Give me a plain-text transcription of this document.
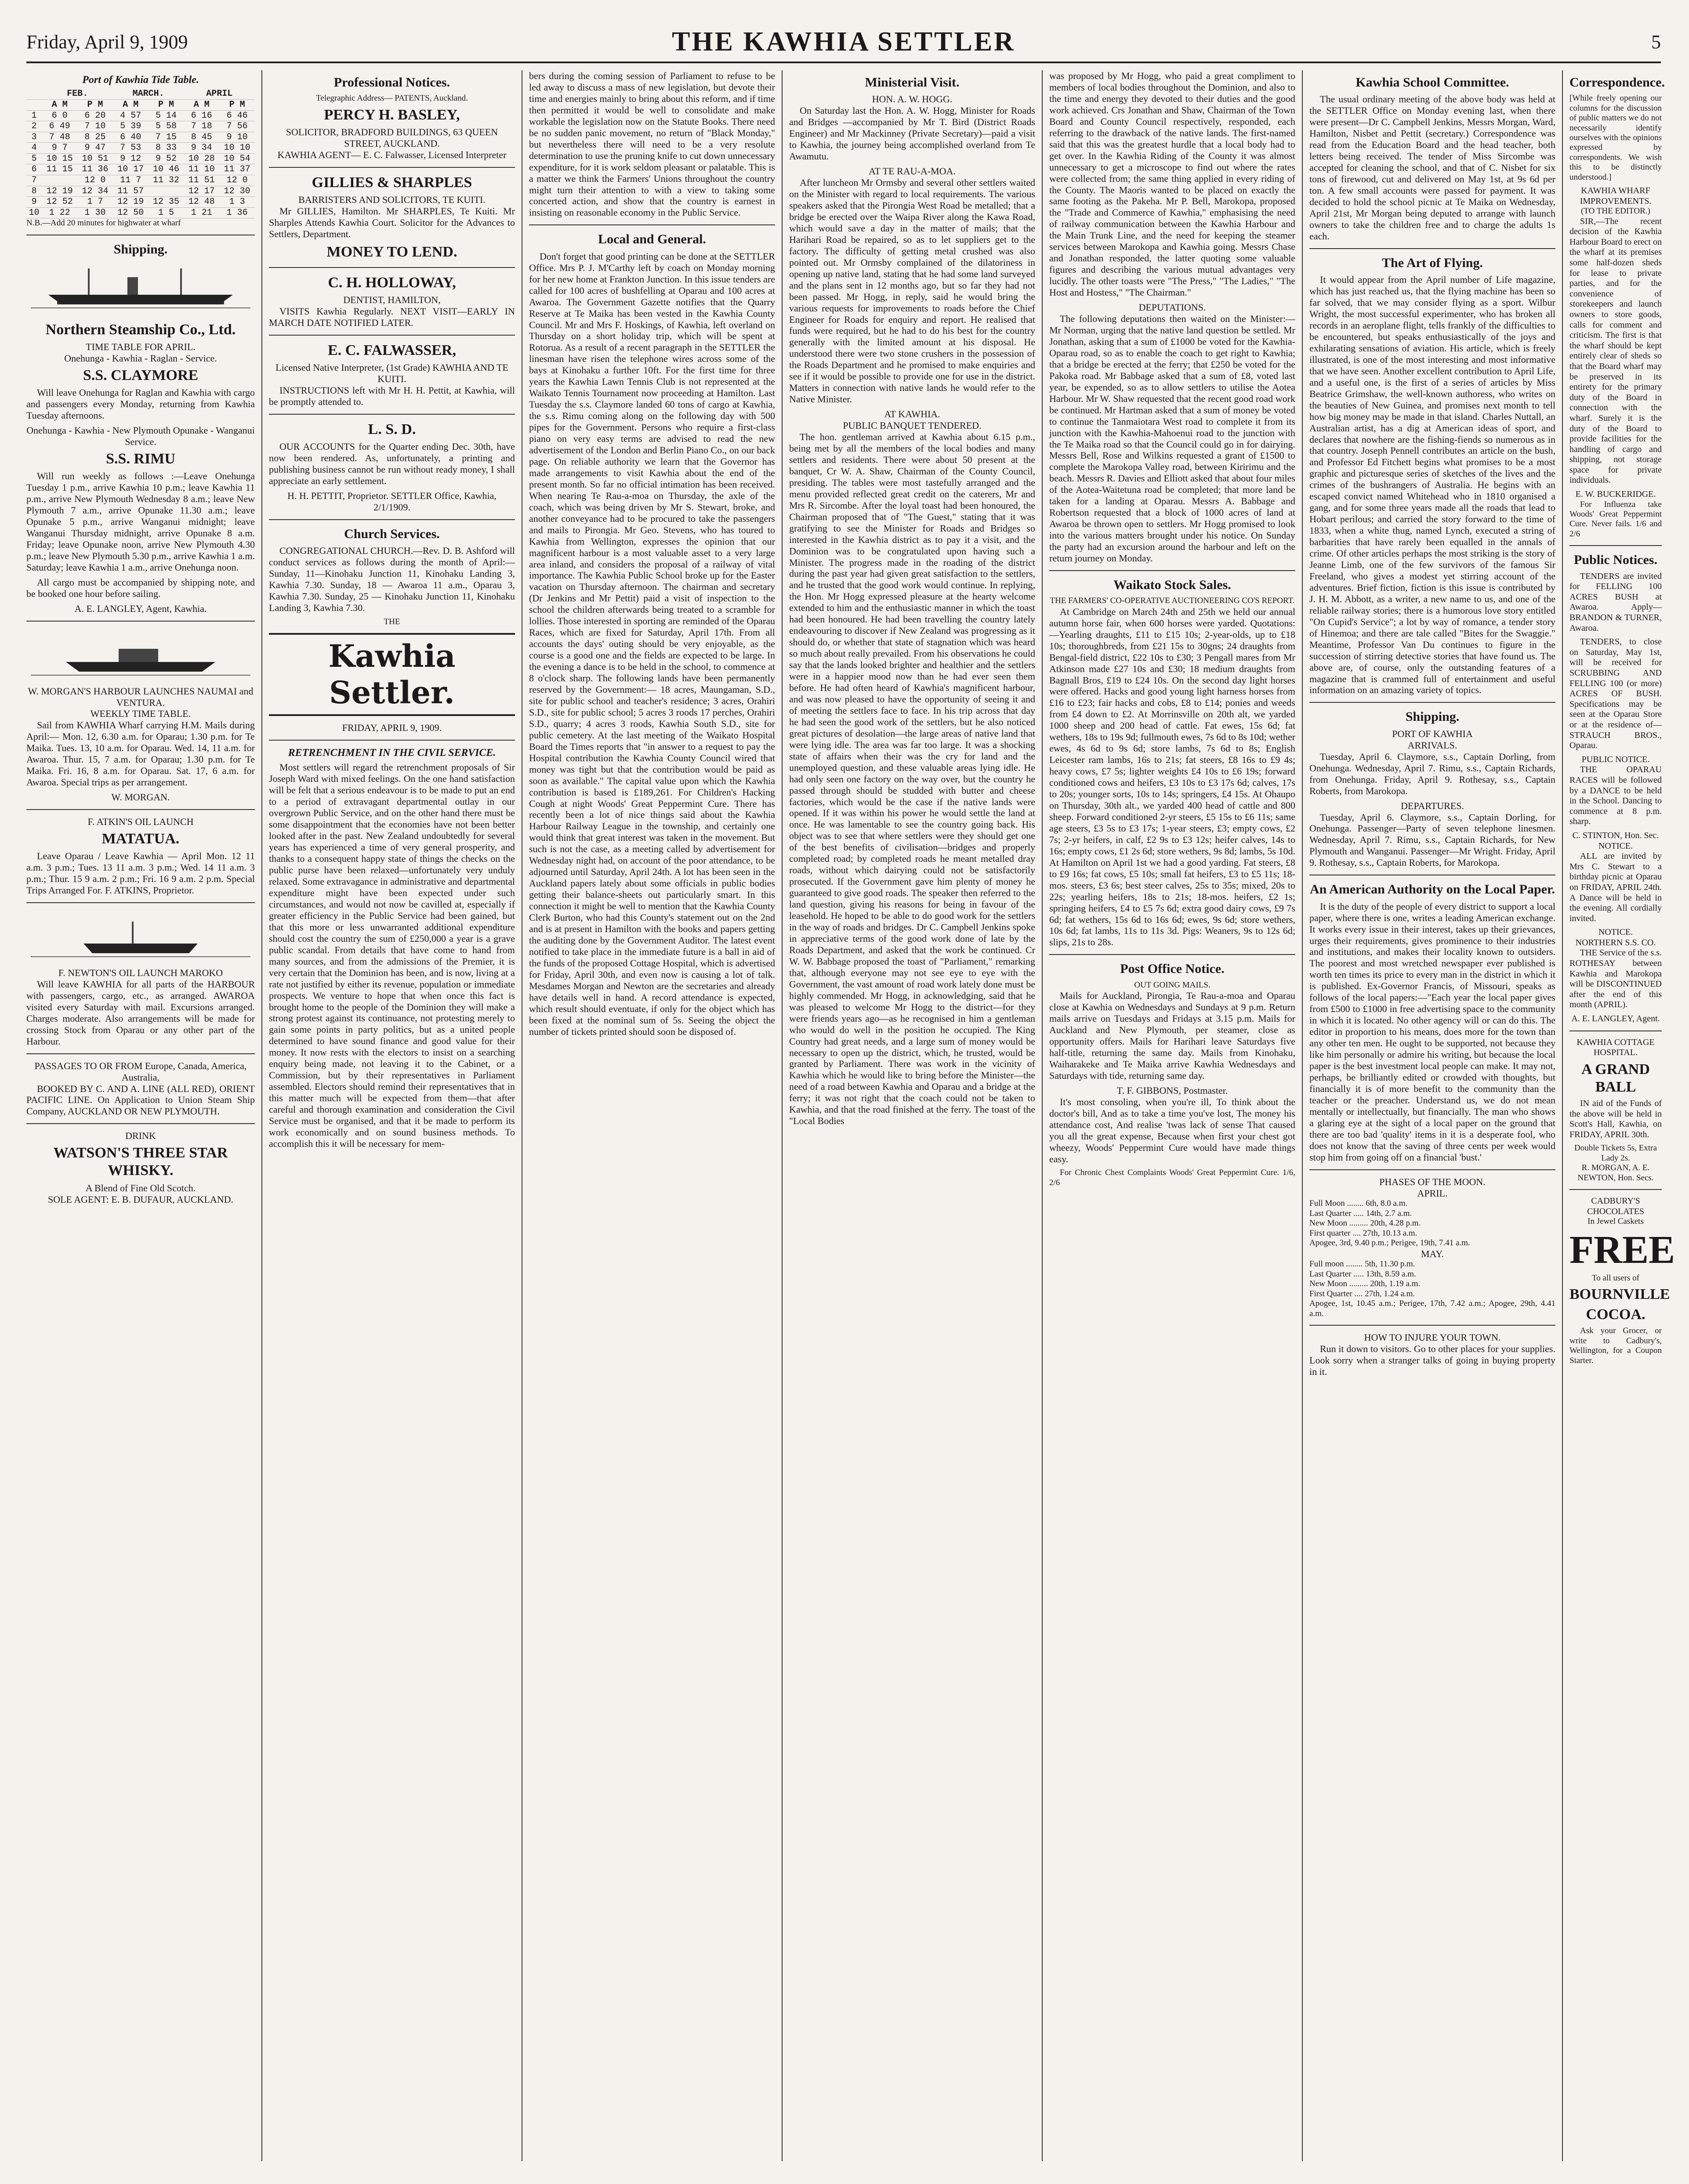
Friday, April 9, 1909	THE KAWHIA SETTLER	5
Port of Kawhia Tide Table.
	FEB.		MARCH.		APRIL	
	A M	P M	A M	P M	A M	P M
1	6 0	6 20	4 57	5 14	6 16	6 46
2	6 49	7 10	5 39	5 58	7 18	7 56
3	7 48	8 25	6 40	7 15	8 45	9 10
4	9 7	9 47	7 53	8 33	9 34	10 10
5	10 15	10 51	9 12	9 52	10 28	10 54
6	11 15	11 36	10 17	10 46	11 10	11 37
7		12 0	11 7	11 32	11 51	12 0
8	12 19	12 34	11 57		12 17	12 30
9	12 52	1 7	12 19	12 35	12 48	1 3
10	1 22	1 30	12 50	1 5	1 21	1 36

N.B.—Add 20 minutes for highwater at wharf

Shipping.
Northern Steamship Co., Ltd.
TIME TABLE FOR APRIL.
Onehunga - Kawhia - Raglan - Service.
S.S. CLAYMORE

Will leave Onehunga for Raglan and Kawhia with cargo and passengers every Monday, returning from Kawhia Tuesday afternoons.

Onehunga - Kawhia - New Plymouth Opunake - Wanganui Service.
S.S. RIMU

Will run weekly as follows :—Leave Onehunga Tuesday 1 p.m., arrive Kawhia 10 p.m.; leave Kawhia 11 p.m., arrive New Plymouth Wednesday 8 a.m.; leave New Plymouth 7 a.m., arrive Opunake 11.30 a.m.; leave Opunake 5 p.m., arrive Wanganui midnight; leave Wanganui Thursday midnight, arrive Opunake 8 a.m. Friday; leave Opunake noon, arrive New Plymouth 4.30 p.m.; leave New Plymouth 5.30 p.m., arrive Kawhia 1 a.m. Saturday; leave Kawhia 1 a.m., arrive Onehunga noon.

All cargo must be accompanied by shipping note, and be booked one hour before sailing.

A. E. LANGLEY, Agent, Kawhia.
W. MORGAN'S HARBOUR LAUNCHES NAUMAI and VENTURA.
WEEKLY TIME TABLE.

Sail from KAWHIA Wharf carrying H.M. Mails during April:— Mon. 12, 6.30 a.m. for Oparau; 1.30 p.m. for Te Maika. Tues. 13, 10 a.m. for Oparau. Wed. 14, 11 a.m. for Awaroa. Thur. 15, 7 a.m. for Oparau; 1.30 p.m. for Te Maika. Fri. 16, 8 a.m. for Oparau. Sat. 17, 6 a.m. for Awaroa. Special trips as per arrangement.

W. MORGAN.
F. ATKIN'S OIL LAUNCH
MATATUA.

Leave Oparau / Leave Kawhia — April Mon. 12 11 a.m. 3 p.m.; Tues. 13 11 a.m. 3 p.m.; Wed. 14 11 a.m. 3 p.m.; Thur. 15 9 a.m. 2 p.m.; Fri. 16 9 a.m. 2 p.m. Special Trips Arranged For. F. ATKINS, Proprietor.

F. NEWTON'S OIL LAUNCH MAROKO

Will leave KAWHIA for all parts of the HARBOUR with passengers, cargo, etc., as arranged. AWAROA visited every Saturday with mail. Excursions arranged. Charges moderate. Also arrangements will be made for crossing Stock from Oparau or any other part of the Harbour.

PASSAGES TO OR FROM Europe, Canada, America, Australia,

BOOKED BY C. AND A. LINE (ALL RED), ORIENT PACIFIC LINE. On Application to Union Steam Ship Company, AUCKLAND OR NEW PLYMOUTH.

DRINK
WATSON'S THREE STAR WHISKY.
A Blend of Fine Old Scotch.
SOLE AGENT: E. B. DUFAUR, AUCKLAND.
Professional Notices.
Telegraphic Address— PATENTS, Auckland.
PERCY H. BASLEY,
SOLICITOR, BRADFORD BUILDINGS, 63 QUEEN STREET, AUCKLAND.
KAWHIA AGENT— E. C. Falwasser, Licensed Interpreter
GILLIES & SHARPLES
BARRISTERS AND SOLICITORS, TE KUITI.

Mr GILLIES, Hamilton. Mr SHARPLES, Te Kuiti. Mr Sharples Attends Kawhia Court. Solicitor for the Advances to Settlers, Department.

MONEY TO LEND.
C. H. HOLLOWAY,
DENTIST, HAMILTON,

VISITS Kawhia Regularly. NEXT VISIT—EARLY IN MARCH DATE NOTIFIED LATER.

E. C. FALWASSER,
Licensed Native Interpreter, (1st Grade) KAWHIA AND TE KUITI.

INSTRUCTIONS left with Mr H. H. Pettit, at Kawhia, will be promptly attended to.

L. S. D.

OUR ACCOUNTS for the Quarter ending Dec. 30th, have now been rendered. As, unfortunately, a printing and publishing business cannot be run without ready money, I shall appreciate an early settlement.

H. H. PETTIT, Proprietor. SETTLER Office, Kawhia, 2/1/1909.
Church Services.

CONGREGATIONAL CHURCH.—Rev. D. B. Ashford will conduct services as follows during the month of April:— Sunday, 11—Kinohaku Junction 11, Kinohaku Landing 3, Kawhia 7.30. Sunday, 18 — Awaroa 11 a.m., Oparau 3, Kawhia 7.30. Sunday, 25 — Kinohaku Junction 11, Kinohaku Landing 3, Kawhia 7.30.

THE
Kawhia Settler.
FRIDAY, APRIL 9, 1909.
RETRENCHMENT IN THE CIVIL SERVICE.

Most settlers will regard the retrenchment proposals of Sir Joseph Ward with mixed feelings. On the one hand satisfaction will be felt that a serious endeavour is to be made to put an end to a period of extravagant departmental outlay in our overgrown Public Service, and on the other hand there must be some disappointment that the economies have not been better looked after in the past. New Zealand undoubtedly for several years has experienced a time of very general prosperity, and thanks to a consequent happy state of things the checks on the public purse have been relaxed—unfortunately very unduly relaxed. Some extravagance in administrative and departmental expenditure might have been expected under such circumstances, and would not now be cavilled at, especially if greater efficiency in the Public Service had been gained, but that this more or less unwarranted additional expenditure should cost the country the sum of £250,000 a year is a grave public scandal. From details that have come to hand from many sources, and from the admissions of the Premier, it is very certain that the Dominion has been, and is now, living at a rate not justified by either its revenue, population or immediate prospects. We venture to hope that when once this fact is brought home to the people of the Dominion they will make a strong protest against its continuance, not protesting merely to gain some points in party politics, but as a united people determined to have sound finance and good value for their money. It now rests with the electors to insist on a searching enquiry being made, not leaving it to the Cabinet, or a Commission, but by their representatives in Parliament assembled. Electors should remind their representatives that in this matter much will be expected from them—that after careful and thorough examination and consideration the Civil Service must be organised, and that it be made to perform its work economically and on sound business methods. To accomplish this it will be necessary for mem-

bers during the coming session of Parliament to refuse to be led away to discuss a mass of new legislation, but devote their time and energies mainly to bring about this reform, and if time then permitted it would be well to consolidate and make workable the legislation now on the Statute Books. There need be no sudden panic movement, no return of "Black Monday," but nevertheless there will need to be a very resolute determination to use the pruning knife to cut down unnecessary expenditure, for it is work seldom pleasant or palatable. This is a matter we think the Farmers' Unions throughout the country might turn their attention to with a view to taking some concerted action, and show that the country is earnest in insisting on reasonable economy in the Public Service.

Local and General.

Don't forget that good printing can be done at the SETTLER Office. Mrs P. J. M'Carthy left by coach on Monday morning for her new home at Frankton Junction. In this issue tenders are called for 100 acres of bushfelling at Oparau and 100 acres at Awaroa. The Government Gazette notifies that the Quarry Reserve at Te Maika has been vested in the Kawhia County Council. Mr and Mrs F. Hoskings, of Kawhia, left overland on Thursday on a short holiday trip, which will be spent at Rotorua. As a result of a recent paragraph in the SETTLER the linesman have risen the telephone wires across some of the bays at Kinohaku a further 10ft. For the first time for three years the Kawhia Lawn Tennis Club is not represented at the Waikato Tennis Tournament now proceeding at Hamilton. Last Tuesday the s.s. Claymore landed 60 tons of cargo at Kawhia, the s.s. Rimu coming along on the following day with 500 pipes for the Government. Persons who require a first-class piano on very easy terms are advised to read the new advertisement of the London and Berlin Piano Co., on our back page. On reliable authority we learn that the Governor has made arrangements to visit Kawhia about the end of the present month. So far no official intimation has been received. When nearing Te Rau-a-moa on Thursday, the axle of the coach, which was being driven by Mr S. Stewart, broke, and another conveyance had to be procured to take the passengers and mails to Pirongia. Mr Geo. Stevens, who has toured to Kawhia from Wellington, expresses the opinion that our magnificent harbour is a most valuable asset to a very large area inland, and considers the proposal of a railway of vital importance. The Kawhia Public School broke up for the Easter vacation on Thursday afternoon. The chairman and secretary (Dr Jenkins and Mr Pettit) paid a visit of inspection to the school the children afterwards being treated to a scramble for lollies. Those interested in sporting are reminded of the Oparau Races, which are fixed for Saturday, April 17th. From all accounts the days' outing should be very enjoyable, as the course is a good one and the fields are expected to be large. In the evening a dance is to be held in the school, to commence at 8 o'clock sharp. The following lands have been permanently reserved by the Government:— 18 acres, Maungaman, S.D., site for public school and teacher's residence; 3 acres, Orahiri S.D., site for public school; 5 acres 3 roods 17 perches, Orahiri S.D., quarry; 4 acres 3 roods, Kawhia South S.D., site for public cemetery. At the last meeting of the Waikato Hospital Board the Times reports that "in answer to a request to pay the Hospital contribution the Kawhia County Council wired that money was tight but that the contribution would be paid as soon as available." The capital value upon which the Kawhia contribution is based is £189,261. For Children's Hacking Cough at night Woods' Great Peppermint Cure. There has recently been a lot of nice things said about the Kawhia Harbour Railway League in the township, and certainly one would think that great interest was taken in the movement. But such is not the case, as a meeting called by advertisement for Wednesday night had, on account of the poor attendance, to be adjourned until Saturday, April 24th. A lot has been seen in the Auckland papers lately about some officials in public bodies getting their balance-sheets out particularly smart. In this connection it might be well to mention that the Kawhia County Clerk Burton, who had this County's statement out on the 2nd and is at present in Hamilton with the books and papers getting the auditing done by the Government Auditor. The latest event notified to take place in the immediate future is a ball in aid of the funds of the proposed Cottage Hospital, which is advertised for Friday, April 30th, and even now is causing a lot of talk. Mesdames Morgan and Newton are the secretaries and already have details well in hand. A record attendance is expected, which result should eventuate, if only for the object which has been fixed at the nominal sum of 5s. Seeing the object the number of tickets printed should soon be disposed of.

Ministerial Visit.
HON. A. W. HOGG.

On Saturday last the Hon. A. W. Hogg, Minister for Roads and Bridges —accompanied by Mr T. Bird (District Roads Engineer) and Mr Mackinney (Private Secretary)—paid a visit to Kawhia, the journey being accomplished overland from Te Awamutu.

AT TE RAU-A-MOA.

After luncheon Mr Ormsby and several other settlers waited on the Minister with regard to local requirements. The various speakers asked that the Pirongia West Road be metalled; that a bridge be erected over the Waipa River along the Kawa Road, which would save a day in the matter of mails; that the Harihari Road be repaired, so as to let suppliers get to the factory. The difficulty of getting metal crushed was also pointed out. Mr Ormsby complained of the dilatoriness in opening up native land, stating that he had some land surveyed and the plans sent in 12 months ago, but so far they had not been passed. Mr Hogg, in reply, said he would bring the various requests for improvements to roads before the Chief Engineer for Roads for enquiry and report. He realised that funds were required, but he had to do his best for the country generally with the limited amount at his disposal. He understood there were two stone crushers in the possession of the Roads Department and he promised to make enquiries and see if it would be possible to provide one for use in the district. Matters in connection with native lands he would refer to the Native Minister.

AT KAWHIA.
PUBLIC BANQUET TENDERED.

The hon. gentleman arrived at Kawhia about 6.15 p.m., being met by all the members of the local bodies and many settlers and residents. There were about 50 present at the banquet, Cr W. A. Shaw, Chairman of the County Council, presiding. The tables were most tastefully arranged and the menu provided reflected great credit on the caterers, Mr and Mrs R. Sircombe. After the loyal toast had been honoured, the Chairman proposed that of "The Guest," stating that it was gratifying to see the Minister for Roads and Bridges so interested in the Kawhia district as to pay it a visit, and the Dominion was to be congratulated upon having such a Minister. The progress made in the roading of the district during the past year had given great satisfaction to the settlers, and he trusted that the good work would continue. In replying, the Hon. Mr Hogg expressed pleasure at the hearty welcome extended to him and the enthusiastic manner in which the toast had been honoured. He had been travelling the country lately endeavouring to discover if New Zealand was progressing as it should do, or whether that state of stagnation which was heard so much about really prevailed. From his observations he could say that the lands looked brighter and healthier and the settlers were in a happier mood now than he had ever seen them before. He had often heard of Kawhia's magnificent harbour, and was now pleased to have the opportunity of seeing it and of meeting the settlers face to face. In his trip across that day he had seen the good work of the settlers, but he also noticed great pictures of desolation—the large areas of native land that were lying idle. The area was far too large. It was a shocking state of affairs when their was the cry for land and the unemployed question, and these valuable areas lying idle. He had only seen one factory on the way over, but the country he passed through should be studded with butter and cheese factories, which would be the case if the native lands were opened. If it was within his power he would settle the land at once. He was lamentable to see the country going back. His object was to see that where settlers were they should get one of the best benefits of civilisation—bridges and properly completed road; by completed roads he meant metalled dray roads, without which dairying could not be satisfactorily prosecuted. If the Government gave him plenty of money he guaranteed to give good roads. The speaker then referred to the land question, giving his reasons for being in favour of the leasehold. He hoped to be able to do good work for the settlers in the way of roads and bridges. Dr C. Campbell Jenkins spoke in appreciative terms of the good work done of late by the Roads Department, and asked that the work be continued. Cr W. W. Babbage proposed the toast of "Parliament," remarking that, although everyone may not see eye to eye with the Government, the vast amount of road work lately done must be highly commended. Mr Hogg, in acknowledging, said that he was pleased to welcome Mr Hogg to the district—for they were friends years ago—as he recognised in him a gentleman who would do well in the position he occupied. The King Country had great needs, and a large sum of money would be necessary to open up the district, which, he trusted, would be granted by Parliament. There was work in the vicinity of Kawhia which he would like to bring before the Minister—the need of a road between Kawhia and Oparau and a bridge at the ferry; it was not right that the coach could not be taken to Kawhia, and that the road finished at the ferry. The toast of the "Local Bodies

was proposed by Mr Hogg, who paid a great compliment to members of local bodies throughout the Dominion, and also to the time and energy they devoted to their duties and the good work achieved. Crs Jonathan and Shaw, Chairman of the Town Board and County Council respectively, responded, each referring to the drawback of the native lands. The first-named said that this was the greatest hurdle that a local body had to get over. In the Kawhia Riding of the County it was almost unnecessary to get a microscope to find out where the rates were collected from; the same thing applied in every riding of the County. The Maoris wanted to be placed on exactly the same footing as the Pakeha. Mr P. Bell, Marokopa, proposed the "Trade and Commerce of Kawhia," emphasising the need of railway communication between the Kawhia Harbour and the Main Trunk Line, and the need for keeping the steamer services between Marokopa and Kawhia going. Messrs Chase and Jonathan responded, the latter quoting some valuable figures and describing the various mutual advantages very lucidly. The other toasts were "The Press," "The Ladies," "The Host and Hostess," "The Chairman."

DEPUTATIONS.

The following deputations then waited on the Minister:— Mr Norman, urging that the native land question be settled. Mr Jonathan, asking that a sum of £1000 be voted for the Kawhia-Oparau road, so as to enable the coach to get right to Kawhia; that a bridge be erected at the ferry; that £250 be voted for the Pakoka road. Mr Babbage asked that a sum of £8, voted last year, be expended, so as to allow settlers to utilise the Aotea Harbour. Mr W. Shaw requested that the recent good road work be continued. Mr Hartman asked that a sum of money be voted to continue the Tanmaiotara West road to complete it from its junction with the Kawhia-Mahoenui road to the junction with the Te Maika road so that the Council could go in for dairying. Messrs Bell, Rose and Wilkins requested a grant of £1500 to complete the Marokopa Valley road, between Kiririmu and the beach. Messrs R. Davies and Elliott asked that about four miles of the Aotea-Waitetuna road be completed; that more land be taken for a landing at Oparau. Messrs A. Babbage and Robertson requested that a block of 1000 acres of land at Awaroa be thrown open to settlers. Mr Hogg promised to look into the various matters brought under his notice. On Sunday the party had an excursion around the harbour and left on the return journey on Monday.

Waikato Stock Sales.
THE FARMERS' CO-OPERATIVE AUCTIONEERING CO'S REPORT.

At Cambridge on March 24th and 25th we held our annual autumn horse fair, when 600 horses were yarded. Quotations:—Yearling draughts, £11 to £15 10s; 2-year-olds, up to £18 10s; thoroughbreds, from £21 15s to 30gns; 24 draughts from Bengal-field district, £22 10s to £30; 3 Pengall mares from Mr Atkinson made £27 10s and £30; 18 medium draughts from Bagnall Bros, £19 to £24 10s. On the second day light horses were offered. Hacks and good young light harness horses from £16 to £23; fair hacks and cobs, £8 to £14; ponies and weeds from £4 down to £2. At Morrinsville on 20th alt, we yarded 1000 sheep and 200 head of cattle. Fat ewes, 15s 6d; fat wethers, 18s to 19s 9d; fullmouth ewes, 7s 6d to 8s 10d; wether ewes, 4s 6d to 9s 6d; store lambs, 7s 6d to 8s; English Leicester ram lambs, 16s to 21s; fat steers, £8 16s to £9 4s; heavy cows, £7 5s; lighter weights £4 10s to £6 19s; forward conditioned cows and heifers, £3 10s to £3 17s 6d; calves, 17s to 20s; younger sorts, 10s to 14s; springers, £4 15s. At Ohaupo on Thursday, 30th alt., we yarded 400 head of cattle and 800 sheep. Forward conditioned 2-yr steers, £5 15s to £6 11s; same age steers, £3 5s to £3 17s; 1-year steers, £3; empty cows, £2 7s; 2-yr heifers, in calf, £2 9s to £3 12s; heifer calves, 14s to 16s; empty cows, £1 2s 6d; store wethers, 9s 8d; lambs, 5s 10d. At Hamilton on April 1st we had a good yarding. Fat steers, £8 to £9 16s; fat cows, £5 10s; small fat heifers, £3 to £5 11s; 18-mos. steers, £3 6s; best steer calves, 25s to 35s; mixed, 20s to 22s; yearling heifers, 18s to 21s; 18-mos. heifers, £2 1s; springing heifers, £4 to £5 7s 6d; extra good dairy cows, £9 7s 6d; fat wethers, 15s 6d to 16s 6d; ewes, 9s 6d; store wethers, 10s 6d; fat lambs, 11s to 11s 3d. Pigs: Weaners, 9s to 12s 6d; slips, 21s to 28s.

Post Office Notice.
OUT GOING MAILS.

Mails for Auckland, Pirongia, Te Rau-a-moa and Oparau close at Kawhia on Wednesdays and Sundays at 9 p.m. Return mails arrive on Tuesdays and Fridays at 3.15 p.m. Mails for Auckland and New Plymouth, per steamer, close as opportunity offers. Mails for Harihari leave Saturdays five half-title, returning the same day. Mails from Kinohaku, Waiharakeke and Te Maika arrive Kawhia Wednesdays and Saturdays with tide, returning same day.

T. F. GIBBONS, Postmaster.

It's most consoling, when you're ill, To think about the doctor's bill, And as to take a time you've lost, The money his attendance cost, And realise 'twas lack of sense That caused you all the great expense, Because when first your chest got wheezy, Woods' Peppermint Cure would have made things easy.

For Chronic Chest Complaints Woods' Great Peppermint Cure. 1/6, 2/6

Kawhia School Committee.

The usual ordinary meeting of the above body was held at the SETTLER Office on Monday evening last, when there were present—Dr C. Campbell Jenkins, Messrs Morgan, Ward, Hamilton, Nisbet and Pettit (secretary.) Correspondence was read from the Education Board and the head teacher, both letters being received. The tender of Miss Sircombe was accepted for cleaning the school, and that of C. Nisbet for six tons of firewood, cut and delivered on May 1st, at 9s 6d per ton. A few small accounts were passed for payment. It was decided to hold the school picnic at Te Maika on Wednesday, April 21st, Mr Morgan being deputed to arrange with launch owners to take the children free and to charge the adults 1s each.

The Art of Flying.

It would appear from the April number of Life magazine, which has just reached us, that the flying machine has been so far solved, that we may consider flying as a sport. Wilbur Wright, the most successful experimenter, who has broken all records in an aeroplane flight, tells frankly of the difficulties to be encountered, but speaks enthusiastically of the joys and exhilarating sensations of aviation. His article, which is freely illustrated, is one of the most interesting and most informative that we have seen. Another excellent contribution to April Life, and a useful one, is the first of a series of articles by Miss Beatrice Grimshaw, the well-known authoress, who writes on the beauties of New Guinea, and promises next month to tell how big money may be made in that island. Charles Nuttall, an Australian artist, has a dig at American ideas of sport, and declares that nowhere are the fishing-fiends so numerous as in that country. Joseph Pennell contributes an article on the bush, and Professor Ed Fitchett begins what promises to be a most graphic and picturesque series of sketches of the lives and the crimes of the bushrangers of Australia. He begins with an escaped convict named Whitehead who in 1810 organised a gang, and for some three years made all the roads that lead to Hobart perilous; and carried the story forward to the time of 1833, when a white thug, named Lynch, executed a string of barbarities that have rarely been equalled in the annals of crime. Of other articles perhaps the most striking is the story of Jeanne Limb, one of the few survivors of the famous Sir Freeland, who gives a modest yet stirring account of the adventures. Brief fiction, fiction is this issue is contributed by J. H. M. Abbott, as a writer, a new name to us, and one of the reliable railway stories; there is a humorous love story entitled "On Cupid's Service"; a lot by way of romance, a tender story of Hinemoa; and there are tale called "Bites for the Swaggie." Meantime, Professor Van Du continues to figure in the succession of stirring detective stories that have found us. The above are, of course, only the outstanding features of a magazine that is crammed full of entertainment and useful information on an amazing variety of topics.

Shipping.
PORT OF KAWHIA
ARRIVALS.

Tuesday, April 6. Claymore, s.s., Captain Dorling, from Onehunga. Wednesday, April 7. Rimu, s.s., Captain Richards, from Onehunga. Friday, April 9. Rothesay, s.s., Captain Roberts, from Marokopa.

DEPARTURES.

Tuesday, April 6. Claymore, s.s., Captain Dorling, for Onehunga. Passenger—Party of seven telephone linesmen. Wednesday, April 7. Rimu, s.s., Captain Richards, for New Plymouth and Wanganui. Passenger—Mr Wright. Friday, April 9. Rothesay, s.s., Captain Roberts, for Marokopa.

An American Authority on the Local Paper.

It is the duty of the people of every district to support a local paper, where there is one, writes a leading American exchange. It works every issue in their interest, takes up their grievances, urges their requirements, gives prominence to their industries and institutions, and makes their locality known to outsiders. The poorest and most wretched newspaper ever published is worth ten times its price to every man in the district in which it is published. Ex-Governor Francis, of Missouri, speaks as follows of the local papers:—"Each year the local paper gives from £500 to £1000 in free advertising space to the community in which it is located. No other agency will or can do this. The editor in proportion to his means, does more for the town than any other ten men. He ought to be supported, not because they like him personally or admire his writing, but because the local paper is the best investment local people can make. It may not, perhaps, be brilliantly edited or crowded with thoughts, but financially it is of more benefit to the community than the teacher or the preacher. Understand us, we do not mean mentally or intellectually, but financially. The man who shows a glaring eye at the sight of a local paper on the ground that there are too bad 'quality' items in it is a desperate fool, who does not know that the saving of three cents per week would stop him from going off on a financial 'bust.'

PHASES OF THE MOON.
APRIL.
Full Moon ........ 6th, 8.0 a.m.
Last Quarter ..... 14th, 2.7 a.m.
New Moon ......... 20th, 4.28 p.m.
First quarter .... 27th, 10.13 a.m.
Apogee, 3rd, 9.40 p.m.; Perigee, 19th, 7.41 a.m.
MAY.
Full moon ........ 5th, 11.30 p.m.
Last Quarter ..... 13th, 8.59 a.m.
New Moon ......... 20th, 1.19 a.m.
First Quarter .... 27th, 1.24 a.m.
Apogee, 1st, 10.45 a.m.; Perigee, 17th, 7.42 a.m.; Apogee, 29th, 4.41 a.m.
HOW TO INJURE YOUR TOWN.

Run it down to visitors. Go to other places for your supplies. Look sorry when a stranger talks of going in buying property in it.

Correspondence.

[While freely opening our columns for the discussion of public matters we do not necessarily identify ourselves with the opinions expressed by correspondents. We wish this to be distinctly understood.]

KAWHIA WHARF IMPROVEMENTS.
(TO THE EDITOR.)

SIR,—The recent decision of the Kawhia Harbour Board to erect on the wharf at its premises some half-dozen sheds for lease to private parties, and for the convenience of storekeepers and launch owners to store goods, calls for comment and criticism. The first is that the wharf should be kept entirely clear of sheds so that the Board wharf may be preserved in its entirety for the primary duty of the Board in connection with the wharf. Surely it is the duty of the Board to provide facilities for the handling of cargo and shipping, not storage space for private individuals.

E. W. BUCKERIDGE.

For Influenza take Woods' Great Peppermint Cure. Never fails. 1/6 and 2/6

Public Notices.

TENDERS are invited for FELLING 100 ACRES BUSH at Awaroa. Apply— BRANDON & TURNER, Awaroa.

TENDERS, to close on Saturday, May 1st, will be received for SCRUBBING AND FELLING 100 (or more) ACRES OF BUSH. Specifications may be seen at the Oparau Store or at the residence of— STRAUCH BROS., Oparau.

PUBLIC NOTICE.

THE OPARAU RACES will be followed by a DANCE to be held in the School. Dancing to commence at 8 p.m. sharp.

C. STINTON, Hon. Sec.
NOTICE.

ALL are invited by Mrs C. Stewart to a birthday picnic at Oparau on FRIDAY, APRIL 24th. A Dance will be held in the evening. All cordially invited.

NOTICE.
NORTHERN S.S. CO.

THE Service of the s.s. ROTHESAY between Kawhia and Marokopa will be DISCONTINUED after the end of this month (APRIL).

A. E. LANGLEY, Agent.
KAWHIA COTTAGE HOSPITAL.
A GRAND BALL

IN aid of the Funds of the above will be held in Scott's Hall, Kawhia, on FRIDAY, APRIL 30th.

Double Tickets 5s, Extra Lady 2s.
R. MORGAN, A. E. NEWTON, Hon. Secs.
CADBURY'S CHOCOLATES
In Jewel Caskets
FREE
To all users of
BOURNVILLE
COCOA.

Ask your Grocer, or write to Cadbury's, Wellington, for a Coupon Starter.
